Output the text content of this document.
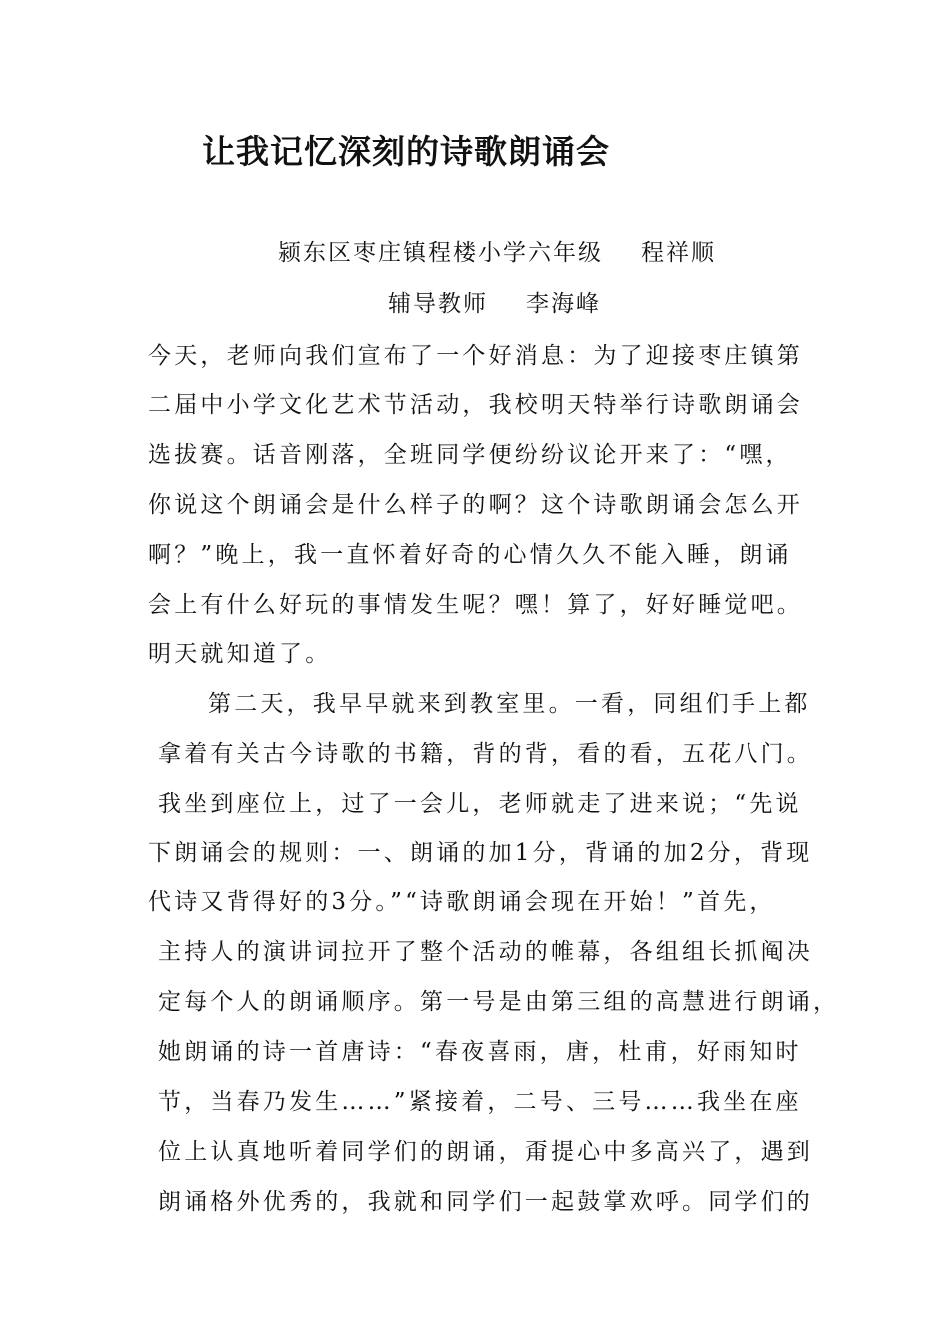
让我记忆深刻的诗歌朗诵会
颍东区枣庄镇程楼小学六年级 程祥顺
辅导教师 李海峰
今天，老师向我们宣布了一个好消息：为了迎接枣庄镇第
二届中小学文化艺术节活动，我校明天特举行诗歌朗诵会
选拔赛。话音刚落，全班同学便纷纷议论开来了：“嘿，
你说这个朗诵会是什么样子的啊？这个诗歌朗诵会怎么开
啊？”晚上，我一直怀着好奇的心情久久不能入睡，朗诵
会上有什么好玩的事情发生呢？嘿！算了，好好睡觉吧。
明天就知道了。
第二天，我早早就来到教室里。一看，同组们手上都
拿着有关古今诗歌的书籍，背的背，看的看，五花八门。
我坐到座位上，过了一会儿，老师就走了进来说；“先说
下朗诵会的规则：一、朗诵的加1分，背诵的加2分，背现
代诗又背得好的3分。”“诗歌朗诵会现在开始！”首先，
主持人的演讲词拉开了整个活动的帷幕，各组组长抓阄决
定每个人的朗诵顺序。第一号是由第三组的高慧进行朗诵，
她朗诵的诗一首唐诗：“春夜喜雨，唐，杜甫，好雨知时
节，当春乃发生……”紧接着，二号、三号……我坐在座
位上认真地听着同学们的朗诵，甭提心中多高兴了，遇到
朗诵格外优秀的，我就和同学们一起鼓掌欢呼。同学们的
